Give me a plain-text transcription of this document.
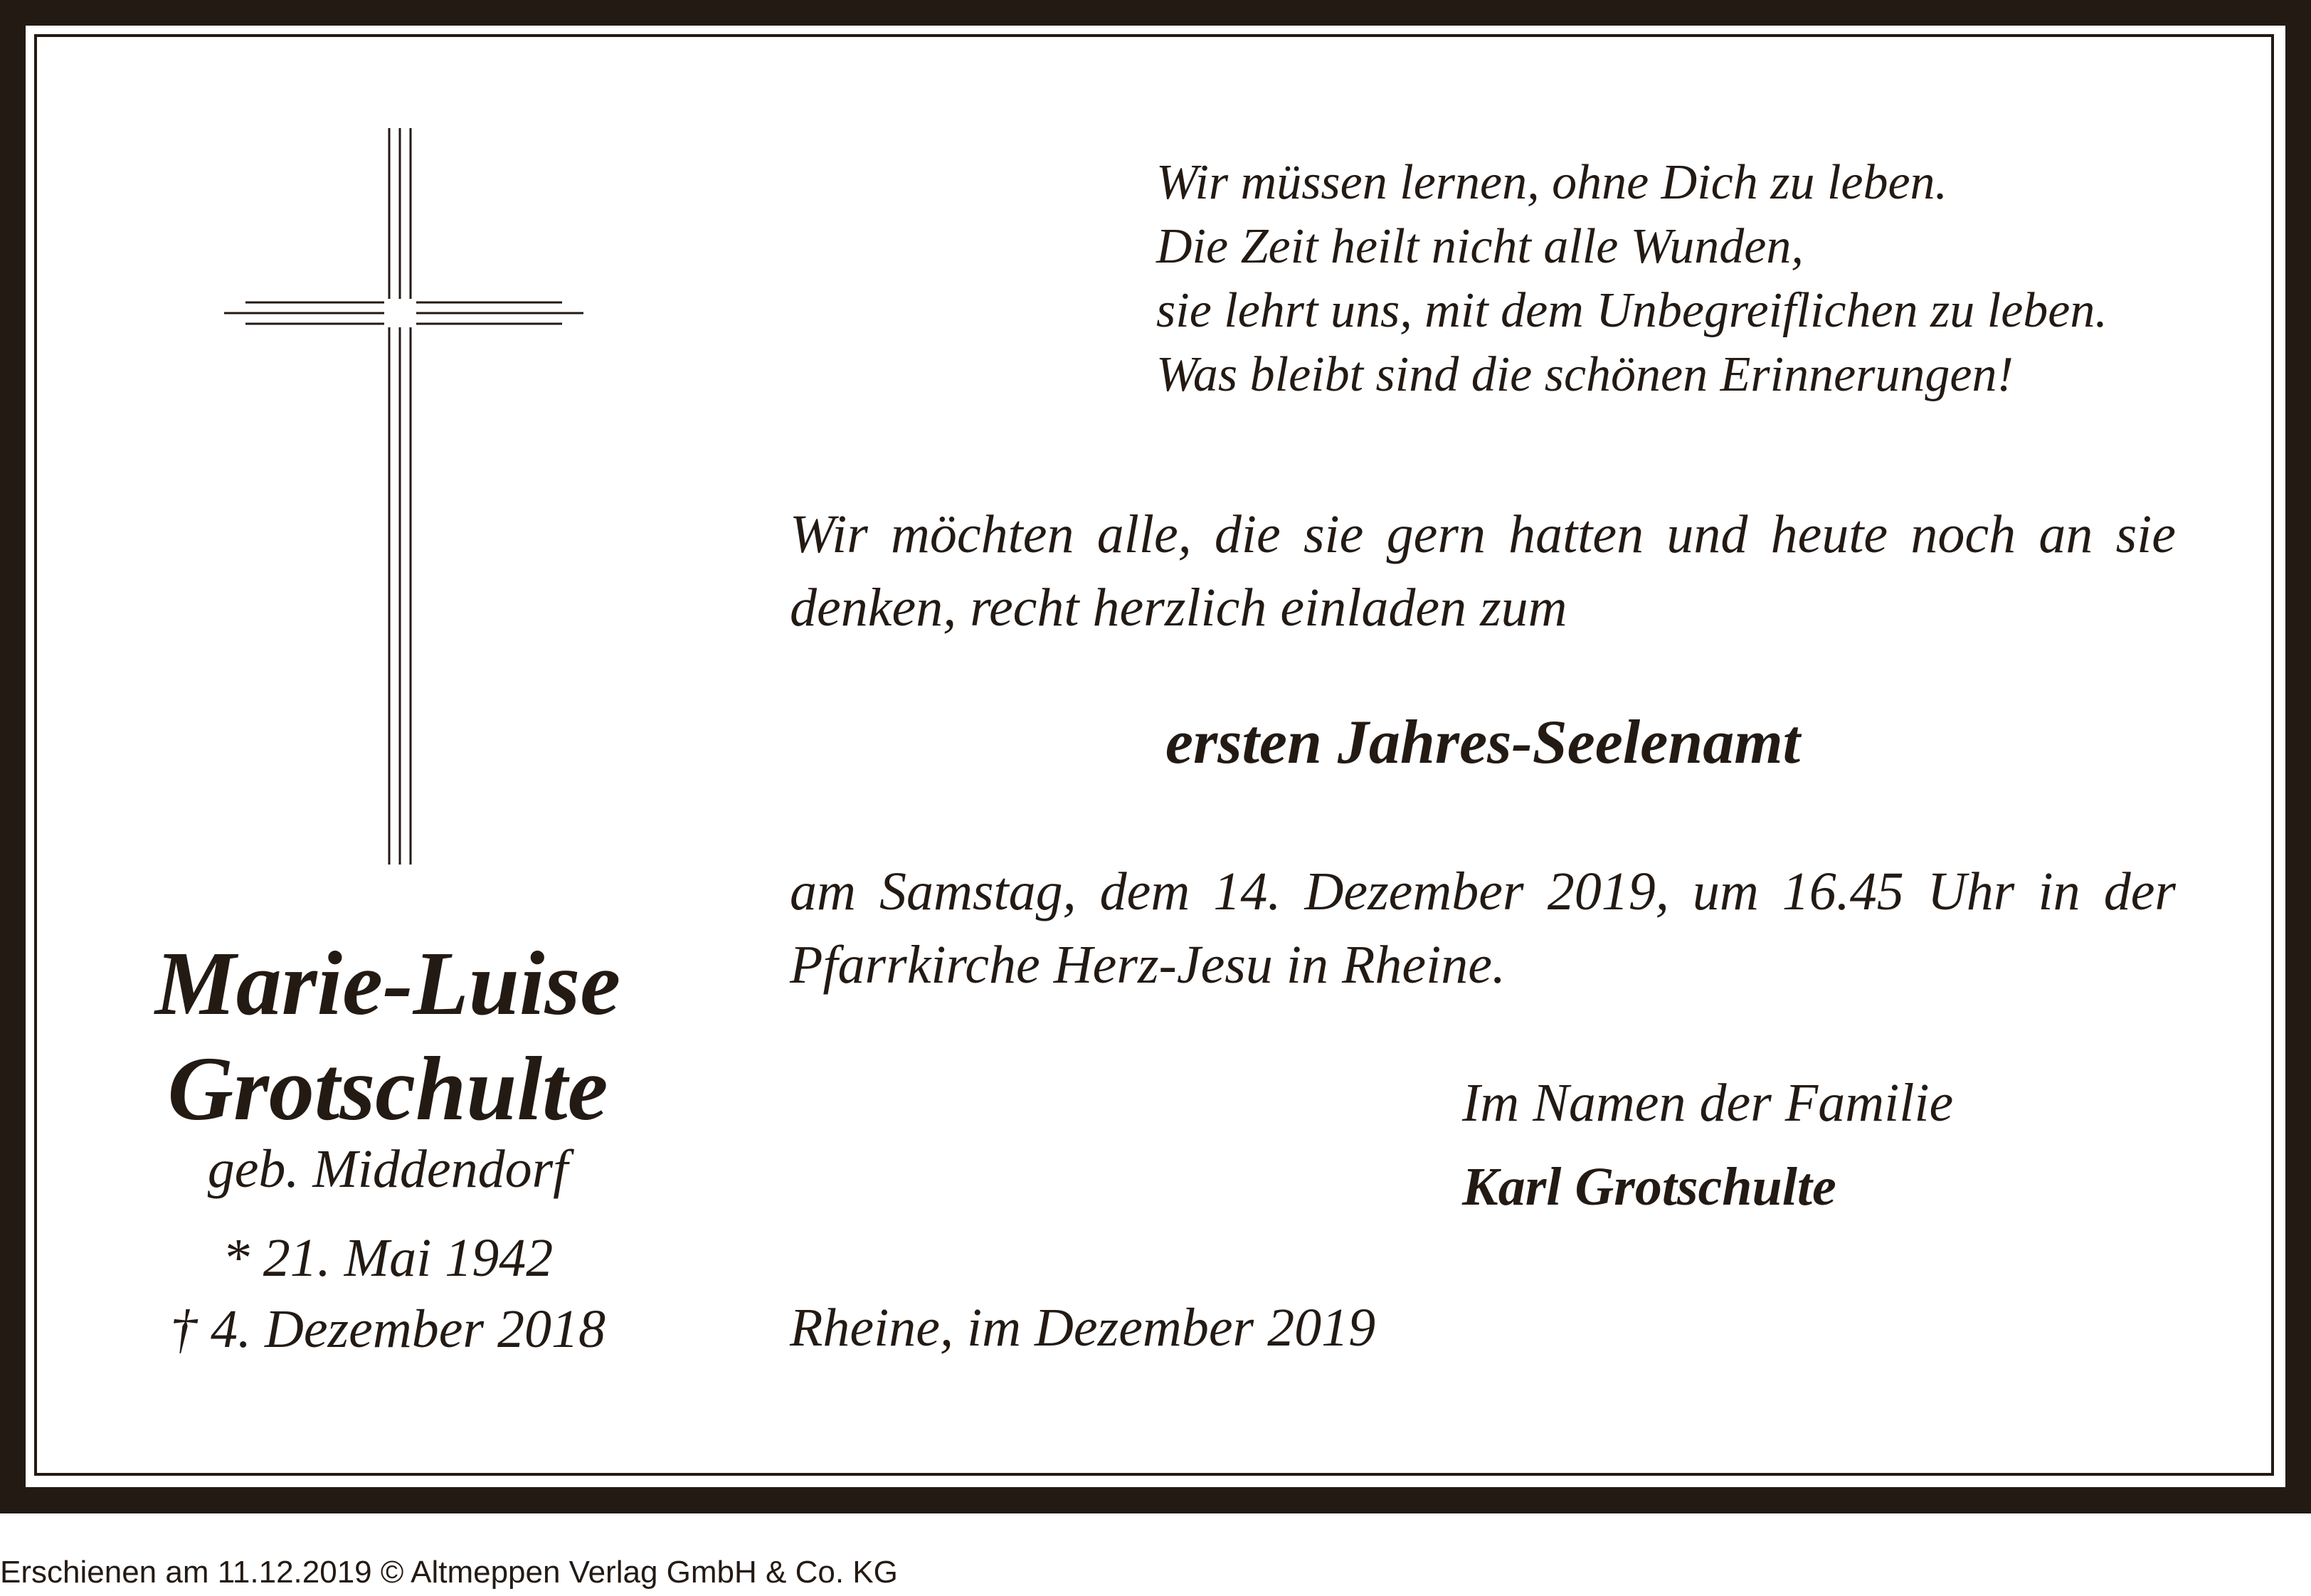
Marie-Luise
Grotschulte
geb. Middendorf
* 21. Mai 1942
† 4. Dezember 2018
Wir müssen lernen, ohne Dich zu leben.
Die Zeit heilt nicht alle Wunden,
sie lehrt uns, mit dem Unbegreiflichen zu leben.
Was bleibt sind die schönen Erinnerungen!
Wir möchten alle, die sie gern hatten und heute noch an sie denken, recht herzlich einladen zum
ersten Jahres-Seelenamt
am Samstag, dem 14. Dezember 2019, um 16.45 Uhr in der Pfarrkirche Herz-Jesu in Rheine.
Im Namen der Familie
Karl Grotschulte
Rheine, im Dezember 2019
Erschienen am 11.12.2019 © Altmeppen Verlag GmbH & Co. KG
